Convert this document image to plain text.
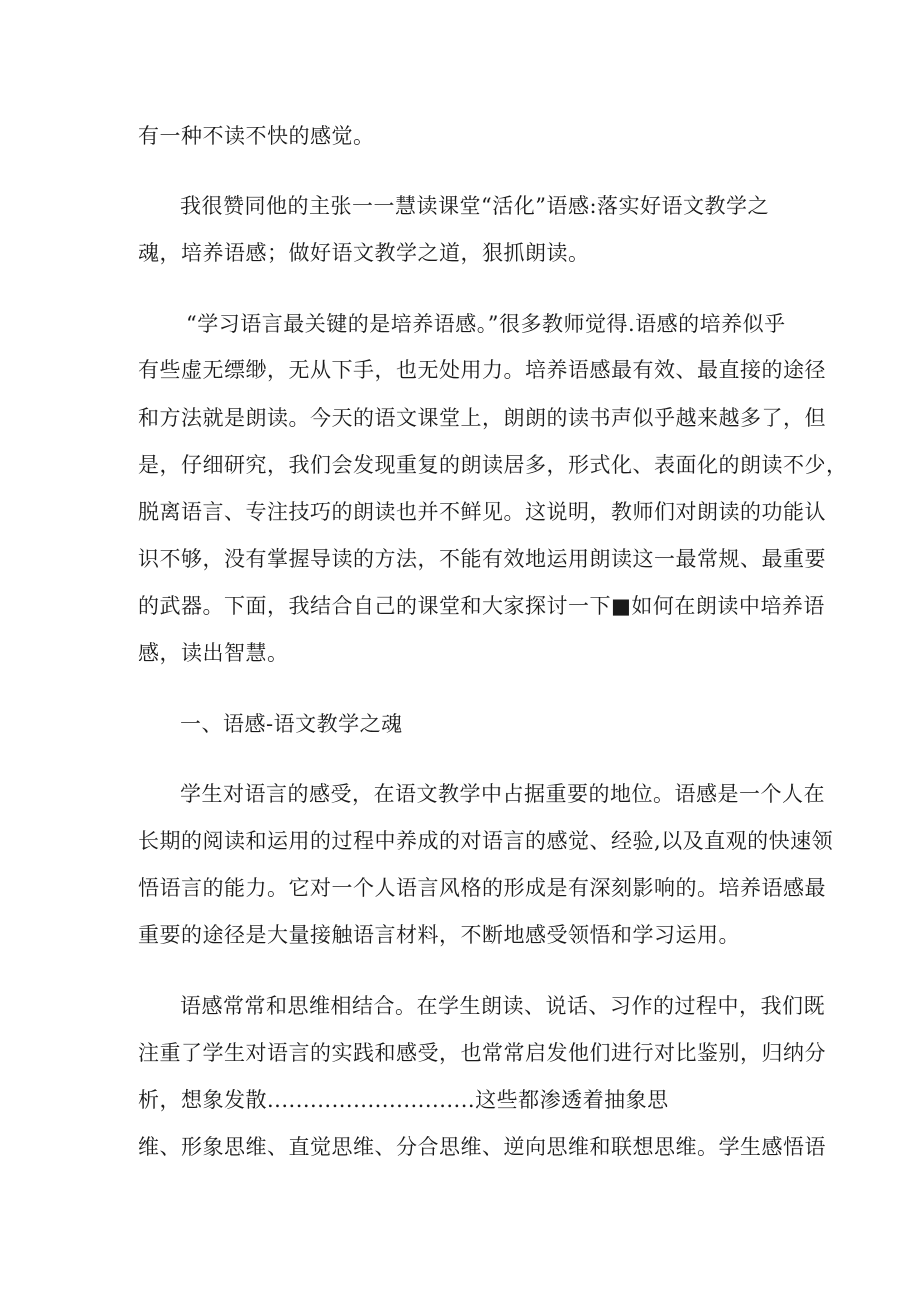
有一种不读不快的感觉。
我很赞同他的主张一一慧读课堂“活化”语感:落实好语文教学之
魂，培养语感；做好语文教学之道，狠抓朗读。
“学习语言最关键的是培养语感。”很多教师觉得.语感的培养似乎
有些虚无缥缈，无从下手，也无处用力。培养语感最有效、最直接的途径
和方法就是朗读。今天的语文课堂上，朗朗的读书声似乎越来越多了，但
是，仔细研究，我们会发现重复的朗读居多，形式化、表面化的朗读不少，
脱离语言、专注技巧的朗读也并不鲜见。这说明，教师们对朗读的功能认
识不够，没有掌握导读的方法，不能有效地运用朗读这一最常规、最重要
的武器。下面，我结合自己的课堂和大家探讨一下■如何在朗读中培养语
感，读出智慧。
一、语感-语文教学之魂
学生对语言的感受，在语文教学中占据重要的地位。语感是一个人在
长期的阅读和运用的过程中养成的对语言的感觉、经验,以及直观的快速领
悟语言的能力。它对一个人语言风格的形成是有深刻影响的。培养语感最
重要的途径是大量接触语言材料，不断地感受领悟和学习运用。
语感常常和思维相结合。在学生朗读、说话、习作的过程中，我们既
注重了学生对语言的实践和感受，也常常启发他们进行对比鉴别，归纳分
析，想象发散.............................这些都渗透着抽象思
维、形象思维、直觉思维、分合思维、逆向思维和联想思维。学生感悟语
